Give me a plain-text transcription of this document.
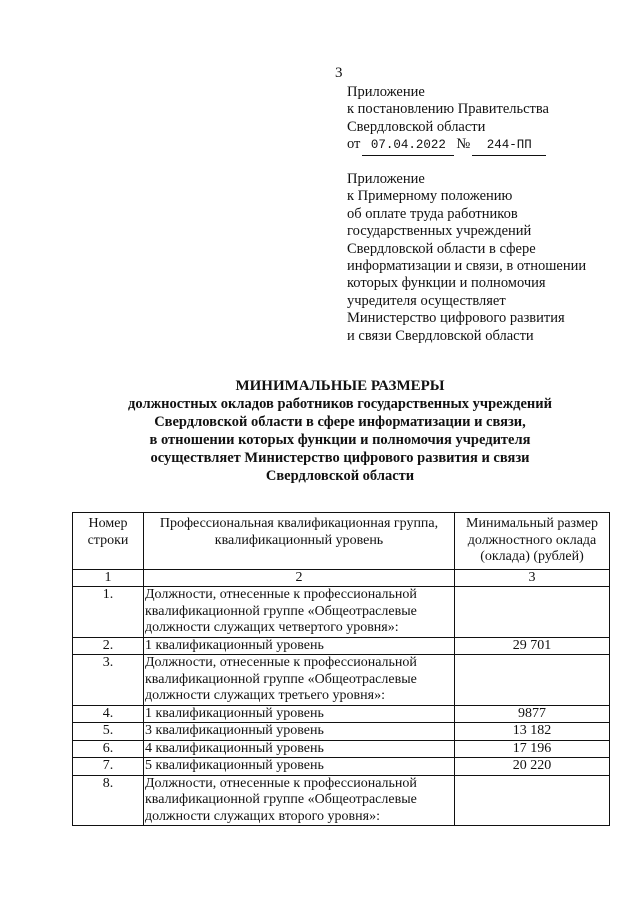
3
Приложение
к постановлению Правительства
Свердловской области
от 07.04.2022 № 244-ПП
Приложение
к Примерному положению
об оплате труда работников
государственных учреждений
Свердловской области в сфере
информатизации и связи, в отношении
которых функции и полномочия
учредителя осуществляет
Министерство цифрового развития
и связи Свердловской области
МИНИМАЛЬНЫЕ РАЗМЕРЫ
должностных окладов работников государственных учреждений
Свердловской области в сфере информатизации и связи,
в отношении которых функции и полномочия учредителя
осуществляет Министерство цифрового развития и связи
Свердловской области
Номер строки	Профессиональная квалификационная группа, квалификационный уровень	Минимальный размер должностного оклада (оклада) (рублей)
1	2	3
1.	Должности, отнесенные к профессиональной квалификационной группе «Общеотраслевые должности служащих четвертого уровня»:	
2.	1 квалификационный уровень	29 701
3.	Должности, отнесенные к профессиональной квалификационной группе «Общеотраслевые должности служащих третьего уровня»:	
4.	1 квалификационный уровень	9877
5.	3 квалификационный уровень	13 182
6.	4 квалификационный уровень	17 196
7.	5 квалификационный уровень	20 220
8.	Должности, отнесенные к профессиональной квалификационной группе «Общеотраслевые должности служащих второго уровня»:	
